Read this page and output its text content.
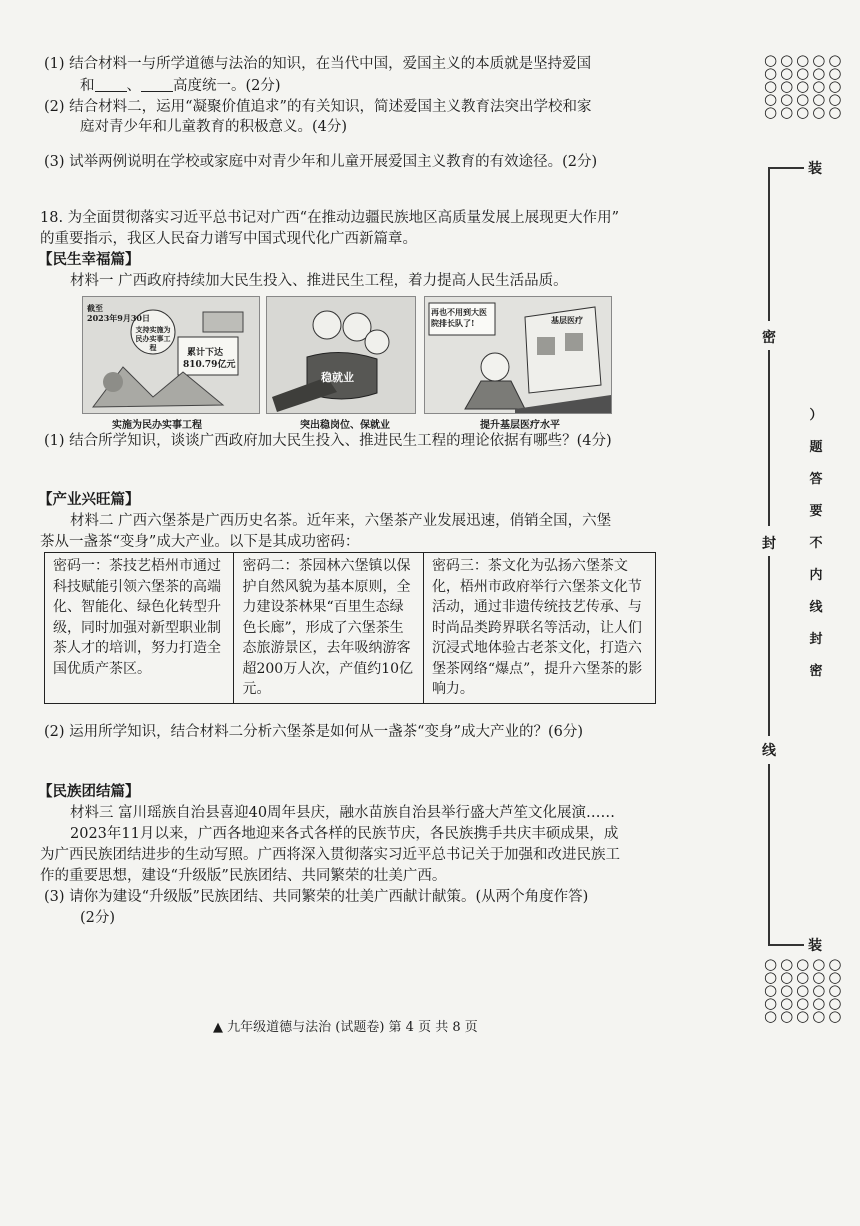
(1) 结合材料一与所学道德与法治的知识，在当代中国，爱国主义的本质就是坚持爱国
和 、 高度统一。(2分)
(2) 结合材料二，运用“凝聚价值追求”的有关知识，简述爱国主义教育法突出学校和家
庭对青少年和儿童教育的积极意义。(4分)
(3) 试举两例说明在学校或家庭中对青少年和儿童开展爱国主义教育的有效途径。(2分)
18. 为全面贯彻落实习近平总书记对广西“在推动边疆民族地区高质量发展上展现更大作用”
的重要指示，我区人民奋力谱写中国式现代化广西新篇章。
【民生幸福篇】
材料一 广西政府持续加大民生投入、推进民生工程，着力提高人民生活品质。
截至
2023年9月30日
支持实施为民办实事工程
累计下达
810.79亿元
实施为民办实事工程
稳就业
突出稳岗位、保就业
再也不用到大医院排长队了!	基层医疗
提升基层医疗水平
(1) 结合所学知识，谈谈广西政府加大民生投入、推进民生工程的理论依据有哪些？(4分)
【产业兴旺篇】
材料二 广西六堡茶是广西历史名茶。近年来，六堡茶产业发展迅速，俏销全国，六堡
茶从一盏茶“变身”成大产业。以下是其成功密码：
密码一：茶技艺梧州市通过科技赋能引领六堡茶的高端化、智能化、绿色化转型升级，同时加强对新型职业制茶人才的培训，努力打造全国优质产茶区。	密码二：茶园林六堡镇以保护自然风貌为基本原则，全力建设茶林果“百里生态绿色长廊”，形成了六堡茶生态旅游景区，去年吸纳游客超200万人次，产值约10亿元。	密码三：茶文化为弘扬六堡茶文化，梧州市政府举行六堡茶文化节活动，通过非遗传统技艺传承、与时尚品类跨界联名等活动，让人们沉浸式地体验古老茶文化，打造六堡茶网络“爆点”，提升六堡茶的影响力。
(2) 运用所学知识，结合材料二分析六堡茶是如何从一盏茶“变身”成大产业的？(6分)
【民族团结篇】
材料三 富川瑶族自治县喜迎40周年县庆，融水苗族自治县举行盛大芦笙文化展演……
2023年11月以来，广西各地迎来各式各样的民族节庆，各民族携手共庆丰硕成果，成
为广西民族团结进步的生动写照。广西将深入贯彻落实习近平总书记关于加强和改进民族工
作的重要思想，建设“升级版”民族团结、共同繁荣的壮美广西。
(3) 请你为建设“升级版”民族团结、共同繁荣的壮美广西献计献策。(从两个角度作答)
(2分)
▲ 九年级道德与法治 (试题卷) 第 4 页 共 8 页
○○○○○
○○○○○
○○○○○
○○○○○
○○○○○
装
密
封
线
装
○○○○○
○○○○○
○○○○○
○○○○○
○○○○○
）
题
答
要
不
内
线
封
密
